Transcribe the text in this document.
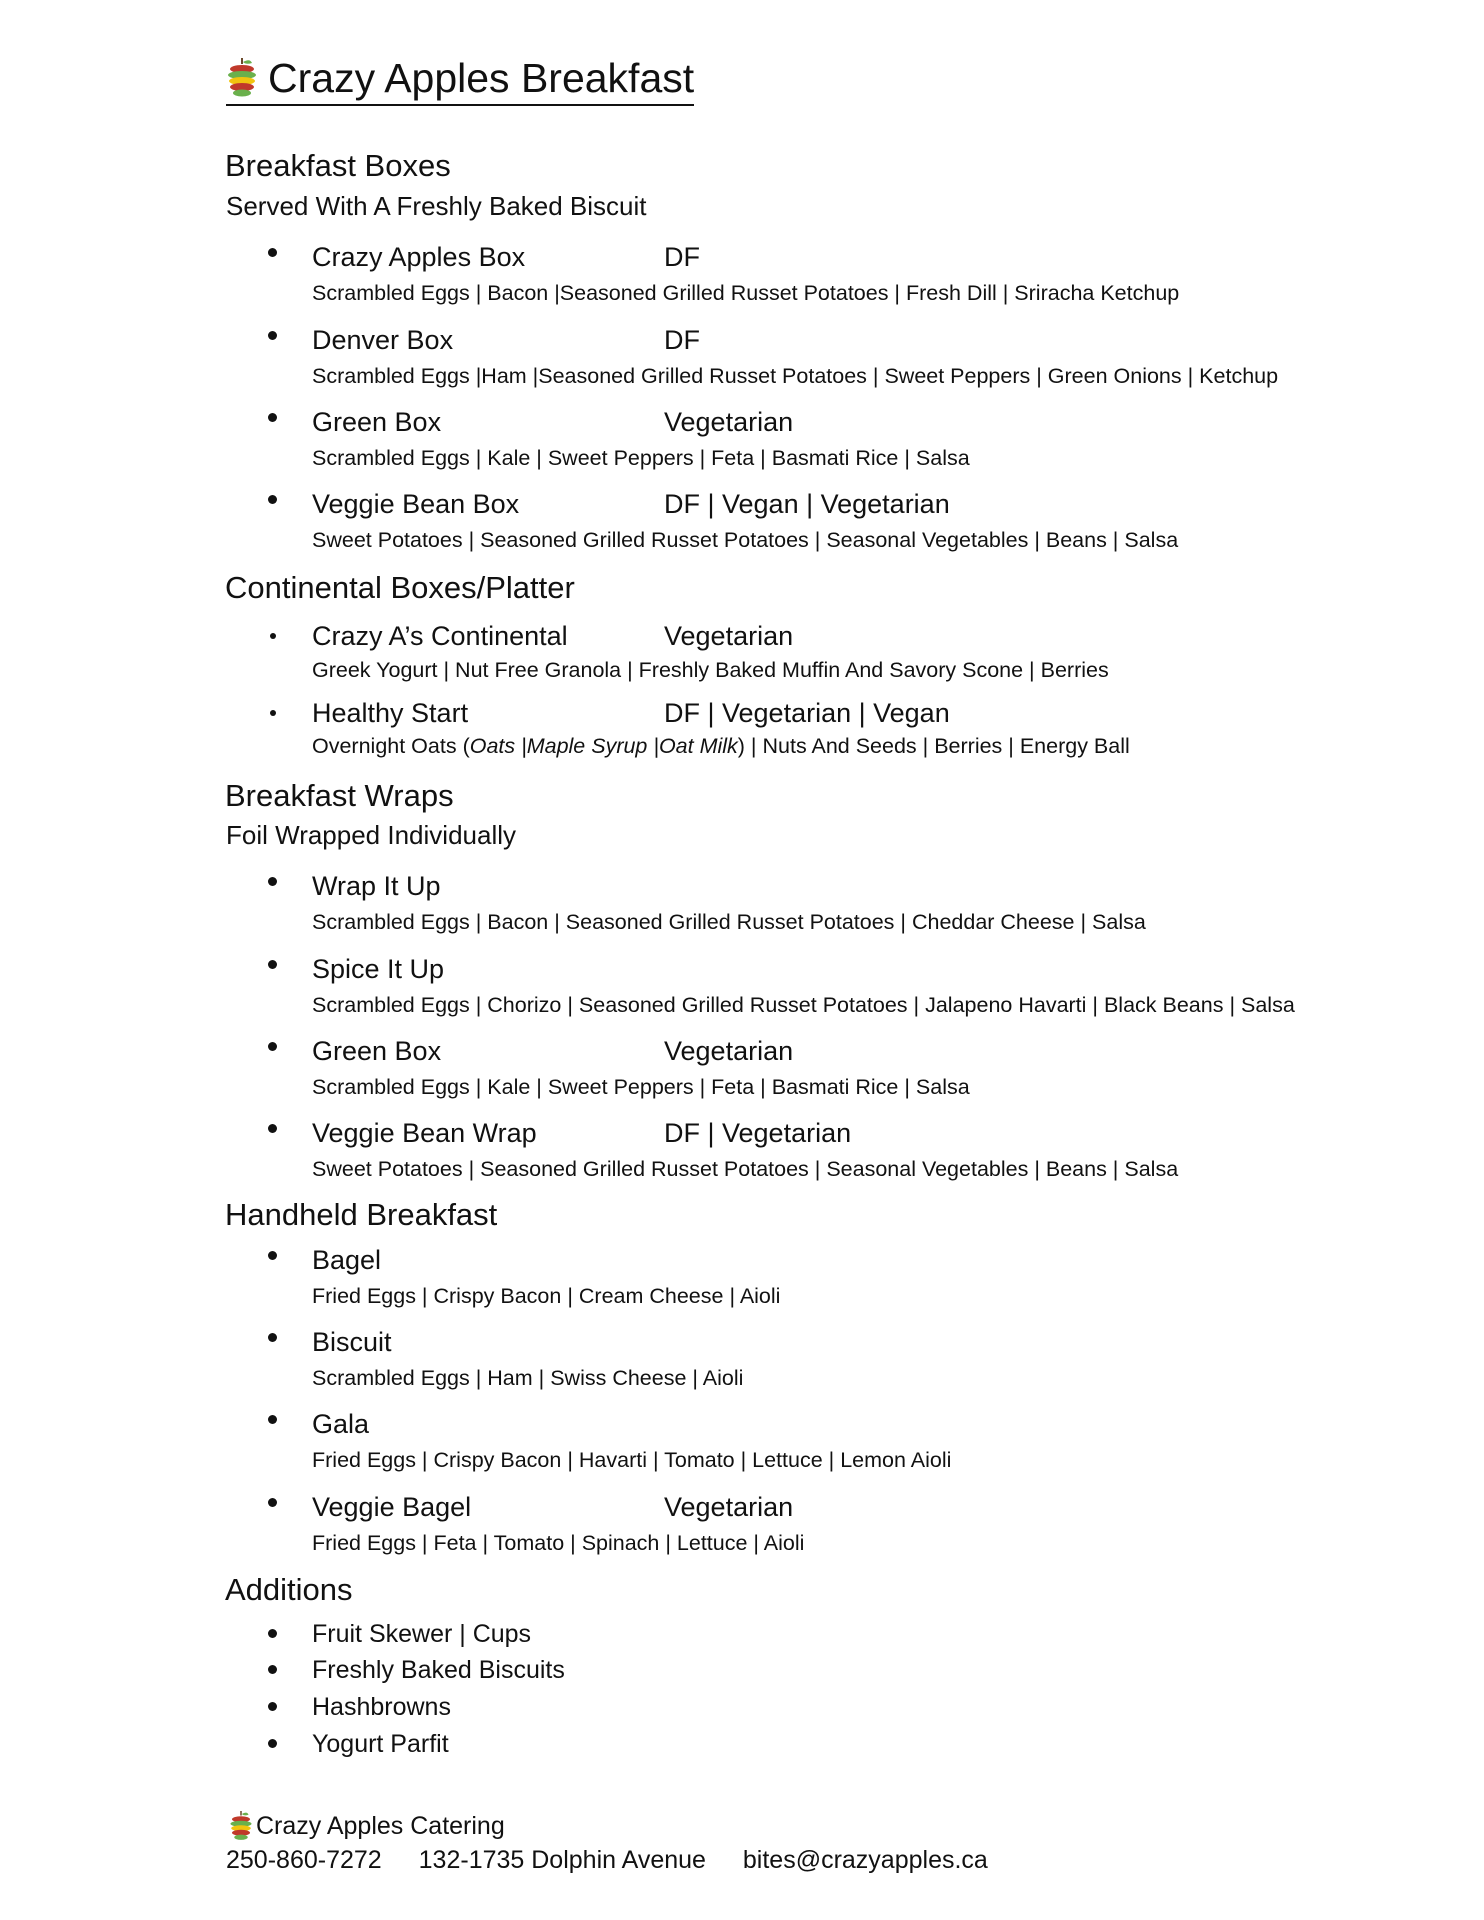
Crazy Apples Breakfast
Breakfast Boxes
Served With A Freshly Baked Biscuit
Crazy Apples Box	DF
Scrambled Eggs | Bacon |Seasoned Grilled Russet Potatoes | Fresh Dill | Sriracha Ketchup
Denver Box	DF
Scrambled Eggs |Ham |Seasoned Grilled Russet Potatoes | Sweet Peppers | Green Onions | Ketchup
Green Box	Vegetarian
Scrambled Eggs | Kale | Sweet Peppers | Feta | Basmati Rice | Salsa
Veggie Bean Box	DF | Vegan | Vegetarian
Sweet Potatoes | Seasoned Grilled Russet Potatoes | Seasonal Vegetables | Beans | Salsa
Continental Boxes/Platter
Crazy A’s Continental	Vegetarian
Greek Yogurt | Nut Free Granola | Freshly Baked Muffin And Savory Scone | Berries
Healthy Start	DF | Vegetarian | Vegan
Overnight Oats (Oats |Maple Syrup |Oat Milk) | Nuts And Seeds | Berries | Energy Ball
Breakfast Wraps
Foil Wrapped Individually
Wrap It Up
Scrambled Eggs | Bacon | Seasoned Grilled Russet Potatoes | Cheddar Cheese | Salsa
Spice It Up
Scrambled Eggs | Chorizo | Seasoned Grilled Russet Potatoes | Jalapeno Havarti | Black Beans | Salsa
Green Box	Vegetarian
Scrambled Eggs | Kale | Sweet Peppers | Feta | Basmati Rice | Salsa
Veggie Bean Wrap	DF | Vegetarian
Sweet Potatoes | Seasoned Grilled Russet Potatoes | Seasonal Vegetables | Beans | Salsa
Handheld Breakfast
Bagel
Fried Eggs | Crispy Bacon | Cream Cheese | Aioli
Biscuit
Scrambled Eggs | Ham | Swiss Cheese | Aioli
Gala
Fried Eggs | Crispy Bacon | Havarti | Tomato | Lettuce | Lemon Aioli
Veggie Bagel	Vegetarian
Fried Eggs | Feta | Tomato | Spinach | Lettuce | Aioli
Additions
Fruit Skewer | Cups
Freshly Baked Biscuits
Hashbrowns
Yogurt Parfit
Crazy Apples Catering
250-860-7272 132-1735 Dolphin Avenue bites@crazyapples.ca
